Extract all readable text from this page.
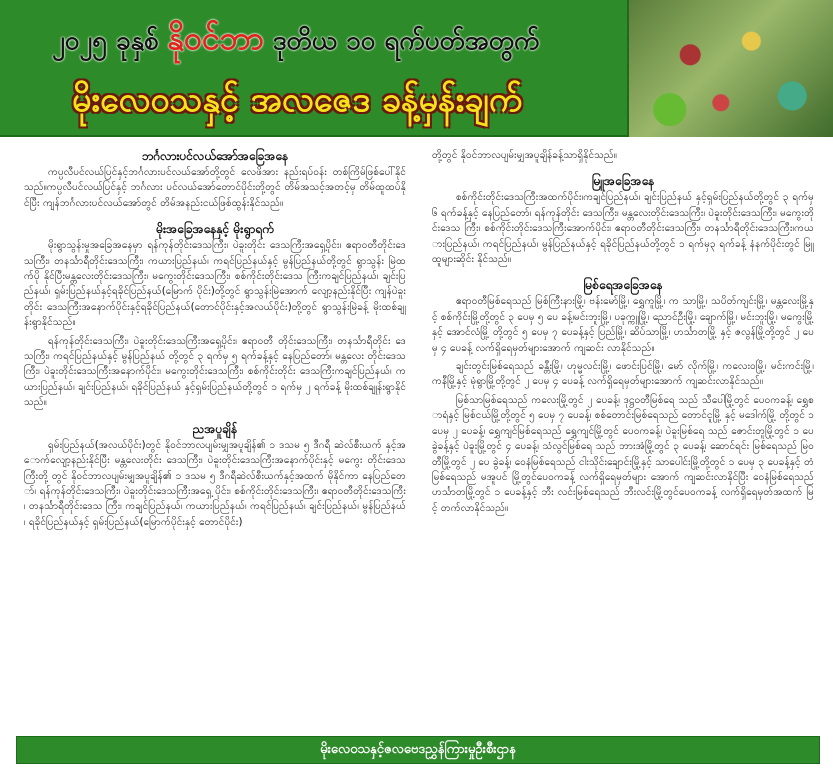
၂၀၂၅ ခုနှစ် နိုဝင်ဘာ ဒုတိယ ၁၀ ရက်ပတ်အတွက်
မိုးလေဝသနှင့် အလဇေဒ ခန့်မှန်းချက်
ဘင်္ဂလားပင်လယ်အော်အခြေအနေ

ကပ္ပလီပင်လယ်ပြင်နှင့်ဘင်္ဂလားပင်လယ်အော်တို့တွင် လေဖိအား နည်းရပ်ဝန်း တစ်ကြိမ်ဖြစ်ပေါ်နိုင်သည်။ကပ္ပလီပင်လယ်ပြင်နှင့် ဘင်္ဂလား ပင်လယ်အော်တောင်ပိုင်းတို့တွင် တိမ်အသင့်အတင့်မှ တိမ်ထူထပ်နိုင်ပြီး ကျန်ဘင်္ဂလားပင်လယ်အော်တွင် တိမ်အနည်းငယ်ဖြစ်ထွန်းနိုင်သည်။

မိုးအခြေအနေနှင့် မိုးရွာရက်

မိုးရွာသွန်းမှုအခြေအနေမှာ ရန်ကုန်တိုင်းဒေသကြီး၊ ပဲခူးတိုင်း ဒေသကြီးအရှေ့ပိုင်း၊ ဧရာဝတီတိုင်းဒေသကြီး၊ တနင်္သာရီတိုင်းဒေသကြီး၊ ကယားပြည်နယ်၊ ကရင်ပြည်နယ်နှင့် မွန်ပြည်နယ်တို့တွင် ရွာသွန်း မြဲထက်ပို နိုင်ပြီးမန္တလေးတိုင်းဒေသကြီး၊ မကွေးတိုင်းဒေသကြီး၊ စစ်ကိုင်းတိုင်းဒေသ ကြီးကချင်ပြည်နယ်၊ ချင်းပြည်နယ်၊ ရှမ်းပြည်နယ်နှင့်ရခိုင်ပြည်နယ်(မြောက် ပိုင်း)တို့တွင် ရွာသွန်းမြဲအောက် လျော့နည်းနိုင်ပြီး ကျန်ပဲခူးတိုင်း ဒေသကြီးအနောက်ပိုင်းနှင့်ရခိုင်ပြည်နယ်(တောင်ပိုင်းနှင့်အလယ်ပိုင်း)တို့တွင် ရွာသွန်းမြဲခန့် မိုးထစ်ချုန်းရွာနိုင်သည်။

ရန်ကုန်တိုင်းဒေသကြီး၊ ပဲခူးတိုင်းဒေသကြီးအရှေ့ပိုင်း၊ ဧရာဝတီ တိုင်းဒေသကြီး၊ တနင်္သာရီတိုင်း ဒေသကြီး၊ ကရင်ပြည်နယ်နှင့် မွန်ပြည်နယ် တို့တွင် ၃ ရက်မှ ၅ ရက်ခန့်နှင့် နေပြည်တော်၊ မန္တလေး တိုင်းဒေသကြီး၊ ပဲခူးတိုင်းဒေသကြီးအနောက်ပိုင်း၊ မကွေးတိုင်းဒေသကြီး၊ စစ်ကိုင်းတိုင်း ဒေသကြီးကချင်ပြည်နယ်၊ ကယားပြည်နယ်၊ ချင်းပြည်နယ်၊ ရခိုင်ပြည်နယ် နှင့်ရှမ်းပြည်နယ်တို့တွင် ၁ ရက်မှ ၂ ရက်ခန့် မိုးထစ်ချုန်းရွာနိုင်သည်။

ညအပူချိန်

ရှမ်းပြည်နယ်(အလယ်ပိုင်း)တွင် နိုဝင်ဘာလပျမ်းမျှအပူချိန်၏ ၁ ဒသမ ၅ ဒီဂရီ ဆဲလ်စီးယက် နှင့်အောက်လျော့နည်းနိုင်ပြီး မန္တလေးတိုင်း ဒေသကြီး၊ ပဲခူးတိုင်းဒေသကြီးအနောက်ပိုင်းနှင့် မကွေး တိုင်းဒေသကြီးတို့ တွင် နိုဝင်ဘာလပျမ်းမျှအပူချိန်၏ ၁ ဒသမ ၅ ဒီဂရီဆဲလ်စီးယက်နှင့်အထက် မိုနိုင်ကာ နေပြည်တော်၊ ရန်ကုန်တိုင်းဒေသကြီး၊ ပဲခူးတိုင်းဒေသကြီးအရှေ့ ပိုင်း၊ စစ်ကိုင်းတိုင်းဒေသကြီး၊ ဧရာဝတီတိုင်းဒေသကြီး၊ တနင်္သာရီတိုင်းဒေသ ကြီး၊ ကချင်ပြည်နယ်၊ ကယားပြည်နယ်၊ ကရင်ပြည်နယ်၊ ချင်းပြည်နယ်၊ မွန်ပြည်နယ်၊ ရခိုင်ပြည်နယ်နှင့် ရှမ်းပြည်နယ်(မြောက်ပိုင်းနှင့် တောင်ပိုင်း)

တို့တွင် နိုဝင်ဘာလပျမ်းမျှအပူချိန်ခန့်သာရှိနိုင်သည်။

မြူအခြေအနေ

စစ်ကိုင်းတိုင်းဒေသကြီးအထက်ပိုင်း၊ကချင်ပြည်နယ်၊ ချင်းပြည်နယ် နှင့်ရှမ်းပြည်နယ်တို့တွင် ၃ ရက်မှ ၆ ရက်ခန့်နှင့် နေပြည်တော်၊ ရန်ကုန်တိုင်း ဒေသကြီး၊ မန္တလေးတိုင်းဒေသကြီး၊ ပဲခူးတိုင်းဒေသကြီး၊ မကွေးတိုင်းဒေသ ကြီး၊ စစ်ကိုင်းတိုင်းဒေသကြီးအောက်ပိုင်း၊ ဧရာဝတီတိုင်းဒေသကြီး၊ တနင်္သာရီတိုင်းဒေသကြီး၊ကယားပြည်နယ်၊ ကရင်ပြည်နယ်၊ မွန်ပြည်နယ်နှင့် ရခိုင်ပြည်နယ်တို့တွင် ၁ ရက်မှ၃ ရက်ခန့် နံနက်ပိုင်းတွင် မြူထူများဆိုင်း နိုင်သည်။

မြစ်ရေအခြေအနေ

ဧရာဝတီမြစ်ရေသည် မြစ်ကြီးနားမြို့၊ ဗန်းမော်မြို့၊ ရွှေကူမြို့၊ က သာမြို့၊ သပိတ်ကျင်းမြို့၊ မန္တလေးမြို့နှင့် စစ်ကိုင်းမြို့တို့တွင် ၃ ပေမှ ၅ ပေ ခန့်၊မင်းဘူးမြို့၊ ပခုက္ကူမြို့၊ ညောင်ဦးမြို့၊ ချောက်မြို့၊ မင်းဘူးမြို့၊ မကွေးမြို့နှင့် အောင်လံမြို့ တို့တွင် ၅ ပေမှ ၇ ပေခန့်နှင့် ပြည်မြို့၊ ဆိပ်သာမြို့၊ ဟင်္သာတမြို့ နှင့် ဇလွန်မြို့တို့တွင် ၂ ပေမှ ၄ ပေခန့် လက်ရှိရေမှတ်များအောက် ကျဆင်း လာနိုင်သည်။

ချင်းတွင်းမြစ်ရေသည် ခန္တီးမြို့၊ ဟုမ္မလင်းမြို့၊ ဖောင်းပြင်မြို့၊ မော် လိုက်မြို့၊ ကလေးဝမြို့၊ မင်းကင်းမြို့၊ ကနီမြို့နှင့် မုံရွာမြို့တို့တွင် ၂ ပေမှ ၄ ပေခန့် လက်ရှိရေမှတ်များအောက် ကျဆင်းလာနိုင်သည်။

မြစ်သာမြစ်ရေသည် ကလေးမြို့တွင် ၂ ပေခန့်၊ ဒုဋ္ဌဝတီမြစ်ရေ သည် သီပေါမြို့တွင် ပေ၀ကခန့်၊ ရွှေစာရံနှင့် မြစ်ငယ်မြို့တို့တွင် ၅ ပေမှ ၇ ပေခန့်၊ စစ်တောင်းမြစ်ရေသည် တောင်ငူမြို့ နှင့် မဒေါက်မြို့ တို့တွင် ၁ ပေမှ ၂ ပေခန့်၊ ရွှေကျင်မြစ်ရေသည် ရွှေကျင်မြို့တွင် ပေ၀ကခန့်၊ ပဲခူးမြစ်ရေ သည် ဇောင်းတူမြို့တွင် ၁ ပေခွဲခန့်နှင့် ပဲခူးမြို့တွင် ၄ ပေခန့်၊ သံလွင်မြစ်ရေ သည် ဘားအံမြို့တွင် ၃ ပေခန့်၊ ဆောင်ရင်း မြစ်ရေသည် မြဝတီမြို့တွင် ၂ ပေ ခွဲခန့်၊ ဝေနံမြစ်ရေသည် ငါးသိုင်းချောင်းမြို့နှင့် သာပေါင်းမြို့တို့တွင် ၁ ပေမှ ၃ ပေခန့်နှင့် တံမြစ်ရေသည် မအူပင် မြို့တွင်ပေ၀ကခန့် လက်ရှိရေမှတ်များ အောက် ကျဆင်းလာနိုင်ပြီး ဝေနံမြစ်ရေသည် ဟင်္သာတမြို့တွင် ၁ ပေခန့်နှင့် ဘီး လင်းမြစ်ရေသည် ဘီးလင်းမြို့တွင်ပေ၀ကခန့် လက်ရှိရေမှတ်အထက် မြင့် တက်လာနိုင်သည်။

မိုးလေဝသနှင့်ဇလဗေဒညွှန်ကြားမှုဦးစီးဌာန
